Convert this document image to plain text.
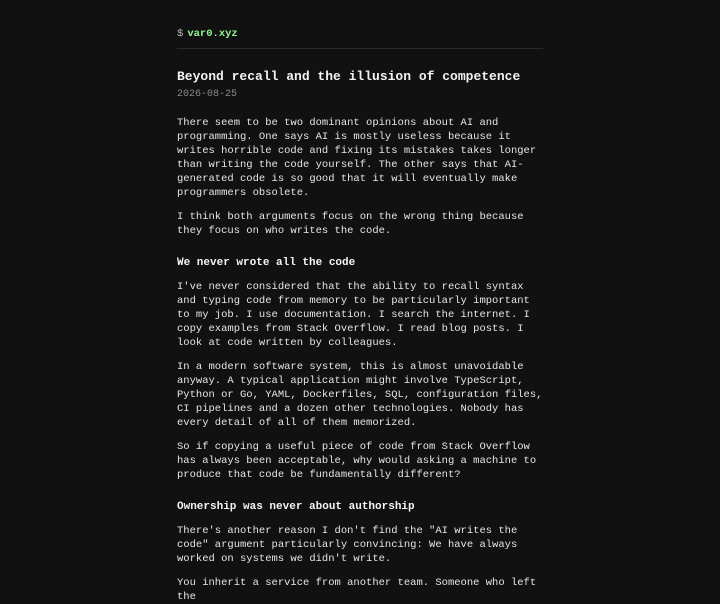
$ var0.xyz
Beyond recall and the illusion of competence
2026-08-25

There seem to be two dominant opinions about AI and programming. One says AI is mostly useless because it writes horrible code and fixing its mistakes takes longer than writing the code yourself. The other says that AI-generated code is so good that it will eventually make programmers obsolete.

I think both arguments focus on the wrong thing because they focus on who writes the code.

We never wrote all the code

I've never considered that the ability to recall syntax and typing code from memory to be particularly important to my job. I use documentation. I search the internet. I copy examples from Stack Overflow. I read blog posts. I look at code written by colleagues.

In a modern software system, this is almost unavoidable anyway. A typical application might involve TypeScript, Python or Go, YAML, Dockerfiles, SQL, configuration files, CI pipelines and a dozen other technologies. Nobody has every detail of all of them memorized.

So if copying a useful piece of code from Stack Overflow has always been acceptable, why would asking a machine to produce that code be fundamentally different?

Ownership was never about authorship

There's another reason I don't find the "AI writes the code" argument particularly convincing: We have always worked on systems we didn't write.

You inherit a service from another team. Someone who left the
